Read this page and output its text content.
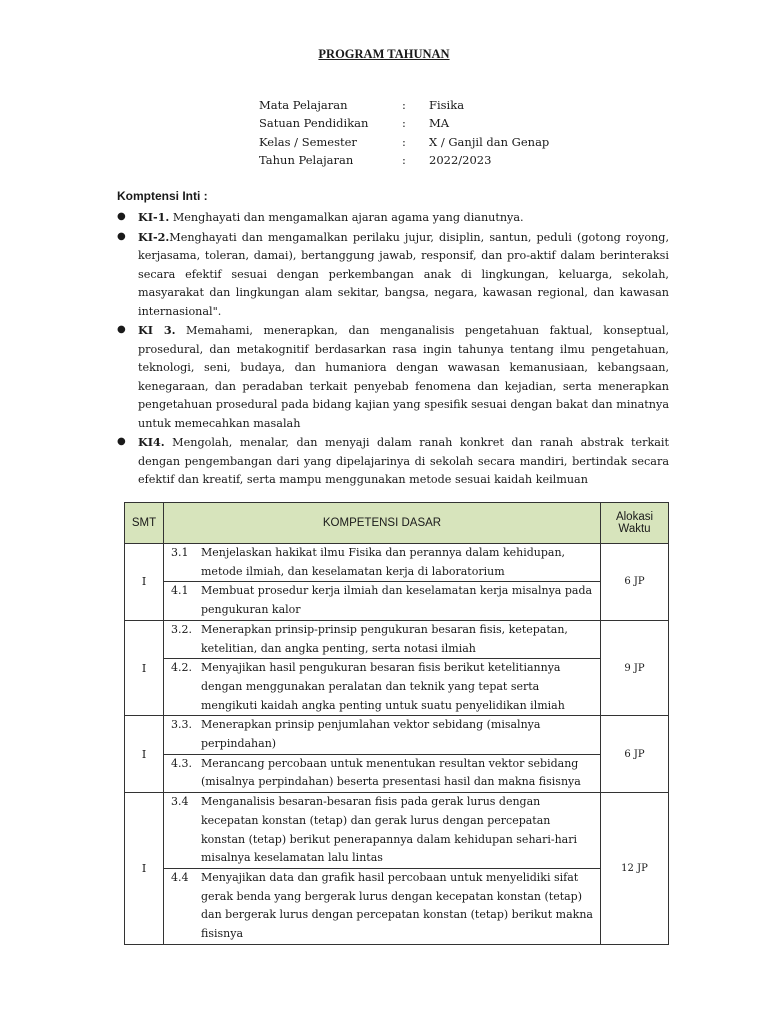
PROGRAM TAHUNAN
Mata Pelajaran	: Fisika
Satuan Pendidikan	: MA
Kelas / Semester	: X / Ganjil dan Genap
Tahun Pelajaran	: 2022/2023
Komptensi Inti :
● KI-1. Menghayati dan mengamalkan ajaran agama yang dianutnya.
● KI-2.Menghayati dan mengamalkan perilaku jujur, disiplin, santun, peduli (gotong royong, kerjasama, toleran, damai), bertanggung jawab, responsif, dan pro-aktif dalam berinteraksi secara efektif sesuai dengan perkembangan anak di lingkungan, keluarga, sekolah, masyarakat dan lingkungan alam sekitar, bangsa, negara, kawasan regional, dan kawasan internasional".
● KI 3. Memahami, menerapkan, dan menganalisis pengetahuan faktual, konseptual, prosedural, dan metakognitif berdasarkan rasa ingin tahunya tentang ilmu pengetahuan, teknologi, seni, budaya, dan humaniora dengan wawasan kemanusiaan, kebangsaan, kenegaraan, dan peradaban terkait penyebab fenomena dan kejadian, serta menerapkan pengetahuan prosedural pada bidang kajian yang spesifik sesuai dengan bakat dan minatnya untuk memecahkan masalah
● KI4. Mengolah, menalar, dan menyaji dalam ranah konkret dan ranah abstrak terkait dengan pengembangan dari yang dipelajarinya di sekolah secara mandiri, bertindak secara efektif dan kreatif, serta mampu menggunakan metode sesuai kaidah keilmuan
SMT	KOMPETENSI DASAR	Alokasi
Waktu

I	3.1 Menjelaskan hakikat ilmu Fisika dan perannya dalam kehidupan, metode ilmiah, dan keselamatan kerja di laboratorium
4.1 Membuat prosedur kerja ilmiah dan keselamatan kerja misalnya pada pengukuran kalor	6 JP
I	3.2. Menerapkan prinsip-prinsip pengukuran besaran fisis, ketepatan, ketelitian, dan angka penting, serta notasi ilmiah
4.2. Menyajikan hasil pengukuran besaran fisis berikut ketelitiannya dengan menggunakan peralatan dan teknik yang tepat serta mengikuti kaidah angka penting untuk suatu penyelidikan ilmiah	9 JP
I	3.3. Menerapkan prinsip penjumlahan vektor sebidang (misalnya perpindahan)
4.3. Merancang percobaan untuk menentukan resultan vektor sebidang (misalnya perpindahan) beserta presentasi hasil dan makna fisisnya	6 JP
I	3.4 Menganalisis besaran-besaran fisis pada gerak lurus dengan kecepatan konstan (tetap) dan gerak lurus dengan percepatan konstan (tetap) berikut penerapannya dalam kehidupan sehari-hari misalnya keselamatan lalu lintas
4.4 Menyajikan data dan grafik hasil percobaan untuk menyelidiki sifat gerak benda yang bergerak lurus dengan kecepatan konstan (tetap) dan bergerak lurus dengan percepatan konstan (tetap) berikut makna fisisnya	12 JP
